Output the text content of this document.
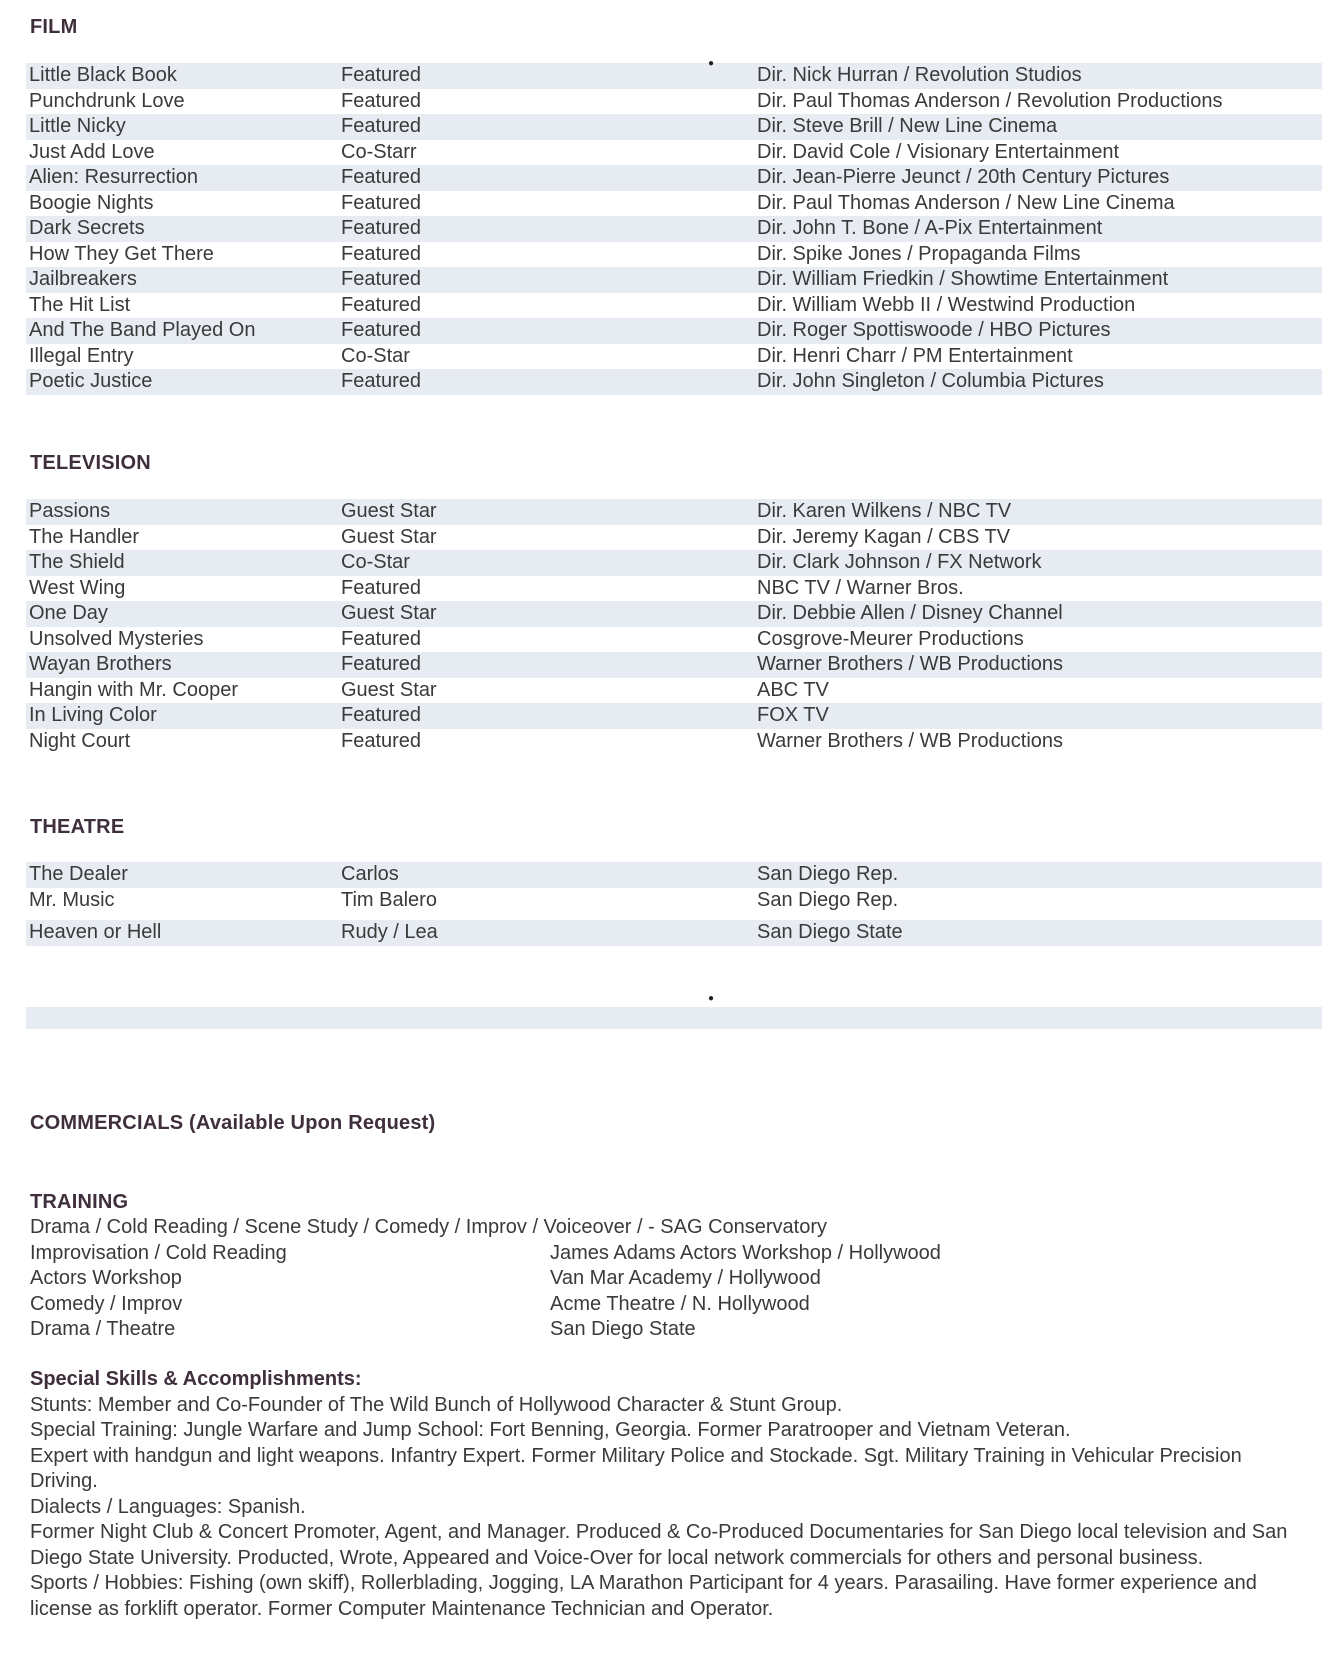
FILM
Little Black Book	Featured	Dir. Nick Hurran / Revolution Studios
Punchdrunk Love	Featured	Dir. Paul Thomas Anderson / Revolution Productions
Little Nicky	Featured	Dir. Steve Brill / New Line Cinema
Just Add Love	Co-Starr	Dir. David Cole / Visionary Entertainment
Alien: Resurrection	Featured	Dir. Jean-Pierre Jeunct / 20th Century Pictures
Boogie Nights	Featured	Dir. Paul Thomas Anderson / New Line Cinema
Dark Secrets	Featured	Dir. John T. Bone / A-Pix Entertainment
How They Get There	Featured	Dir. Spike Jones / Propaganda Films
Jailbreakers	Featured	Dir. William Friedkin / Showtime Entertainment
The Hit List	Featured	Dir. William Webb II / Westwind Production
And The Band Played On	Featured	Dir. Roger Spottiswoode / HBO Pictures
Illegal Entry	Co-Star	Dir. Henri Charr / PM Entertainment
Poetic Justice	Featured	Dir. John Singleton / Columbia Pictures
TELEVISION
Passions	Guest Star	Dir. Karen Wilkens / NBC TV
The Handler	Guest Star	Dir. Jeremy Kagan / CBS TV
The Shield	Co-Star	Dir. Clark Johnson / FX Network
West Wing	Featured	NBC TV / Warner Bros.
One Day	Guest Star	Dir. Debbie Allen / Disney Channel
Unsolved Mysteries	Featured	Cosgrove-Meurer Productions
Wayan Brothers	Featured	Warner Brothers / WB Productions
Hangin with Mr. Cooper	Guest Star	ABC TV
In Living Color	Featured	FOX TV
Night Court	Featured	Warner Brothers / WB Productions
THEATRE
The Dealer	Carlos	San Diego Rep.
Mr. Music	Tim Balero	San Diego Rep.
Heaven or Hell	Rudy / Lea	San Diego State
COMMERCIALS (Available Upon Request)
TRAINING
Drama / Cold Reading / Scene Study / Comedy / Improv / Voiceover / - SAG Conservatory
Improvisation / Cold Reading	James Adams Actors Workshop / Hollywood
Actors Workshop	Van Mar Academy / Hollywood
Comedy / Improv	Acme Theatre / N. Hollywood
Drama / Theatre	San Diego State

Special Skills & Accomplishments:

Stunts: Member and Co-Founder of The Wild Bunch of Hollywood Character & Stunt Group.

Special Training: Jungle Warfare and Jump School: Fort Benning, Georgia. Former Paratrooper and Vietnam Veteran.

Expert with handgun and light weapons. Infantry Expert. Former Military Police and Stockade. Sgt. Military Training in Vehicular Precision Driving.

Dialects / Languages: Spanish.

Former Night Club & Concert Promoter, Agent, and Manager. Produced & Co-Produced Documentaries for San Diego local television and San Diego State University. Producted, Wrote, Appeared and Voice-Over for local network commercials for others and personal business.

Sports / Hobbies: Fishing (own skiff), Rollerblading, Jogging, LA Marathon Participant for 4 years. Parasailing. Have former experience and license as forklift operator. Former Computer Maintenance Technician and Operator.

●
●
